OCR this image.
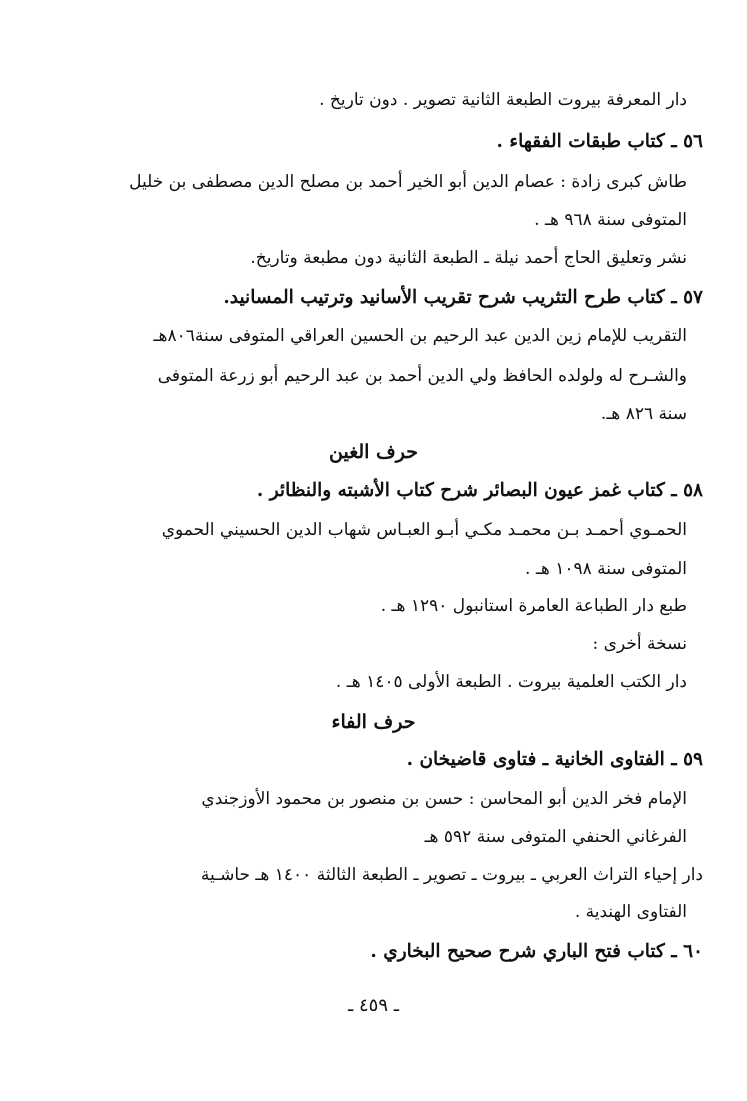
دار المعرفة بيروت الطبعة الثانية تصوير . دون تاريخ .
٥٦ ـ كتاب طبقات الفقهاء .
طاش كبرى زادة : عصام الدين أبو الخير أحمد بن مصلح الدين مصطفى بن خليل
المتوفى سنة ٩٦٨ هـ .
نشر وتعليق الحاج أحمد نيلة ـ الطبعة الثانية دون مطبعة وتاريخ.
٥٧ ـ كتاب طرح التثريب شرح تقريب الأسانيد وترتيب المسانيد.
التقريب للإمام زين الدين عبد الرحيم بن الحسين العراقي المتوفى سنة٨٠٦هـ
والشـرح له ولولده الحافظ ولي الدين أحمد بن عبد الرحيم أبو زرعة المتوفى
سنة ٨٢٦ هـ.
حرف الغين
٥٨ ـ كتاب غمز عيون البصائر شرح كتاب الأشبته والنظائر .
الحمـوي أحمـد بـن محمـد مكـي أبـو العبـاس شهاب الدين الحسيني الحموي
المتوفى سنة ١٠٩٨ هـ .
طبع دار الطباعة العامرة استانبول ١٢٩٠ هـ .
نسخة أخرى :
دار الكتب العلمية بيروت . الطبعة الأولى ١٤٠٥ هـ .
حرف الفاء
٥٩ ـ الفتاوى الخانية ـ فتاوى قاضيخان .
الإمام فخر الدين أبو المحاسن : حسن بن منصور بن محمود الأوزجندي
الفرغاني الحنفي المتوفى سنة ٥٩٢ هـ
دار إحياء التراث العربي ـ بيروت ـ تصوير ـ الطبعة الثالثة ١٤٠٠ هـ حاشـية
الفتاوى الهندية .
٦٠ ـ كتاب فتح الباري شرح صحيح البخاري .
ـ ٤٥٩ ـ
